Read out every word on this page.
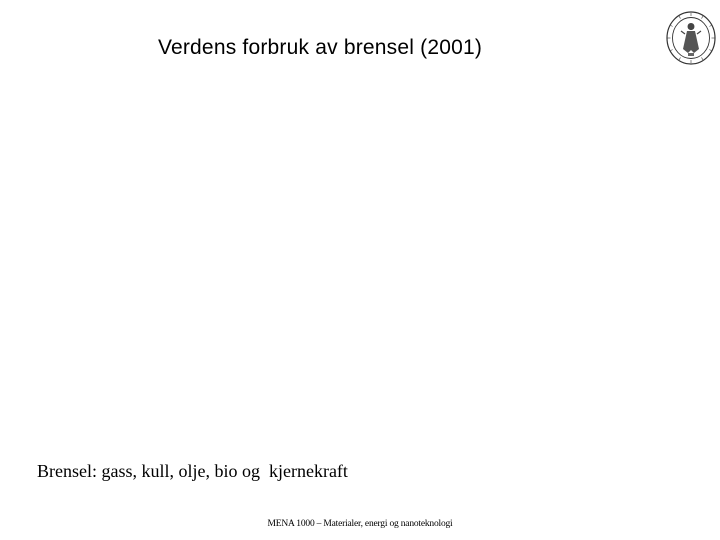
Verdens forbruk av brensel (2001)
Brensel: gass, kull, olje, bio og  kjernekraft
MENA 1000 – Materialer, energi og nanoteknologi
